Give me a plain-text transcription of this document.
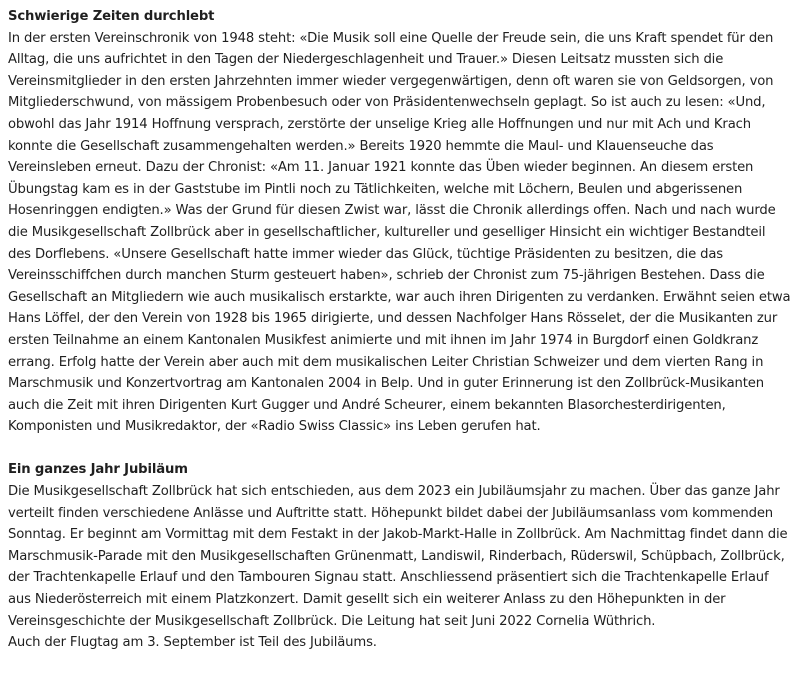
Schwierige Zeiten durchlebt

In der ersten Vereinschronik von 1948 steht: «Die Musik soll eine Quelle der Freude sein, die uns Kraft spendet für den Alltag, die uns aufrichtet in den Tagen der Niedergeschlagenheit und Trauer.» Diesen Leitsatz mussten sich die Vereinsmitglieder in den ersten Jahrzehnten immer wieder vergegenwärtigen, denn oft waren sie von Geldsorgen, von Mitgliederschwund, von mässigem Probenbesuch oder von Präsidentenwechseln geplagt. So ist auch zu lesen: «Und, obwohl das Jahr 1914 Hoffnung versprach, zerstörte der unselige Krieg alle Hoffnungen und nur mit Ach und Krach konnte die Gesellschaft zusammengehalten werden.» Bereits 1920 hemmte die Maul- und Klauenseuche das Vereinsleben erneut. Dazu der Chronist: «Am 11. Januar 1921 konnte das Üben wieder beginnen. An diesem ersten Übungstag kam es in der Gaststube im Pintli noch zu Tätlichkeiten, welche mit Löchern, Beulen und abgerissenen Hosenringgen endigten.» Was der Grund für diesen Zwist war, lässt die Chronik allerdings offen. Nach und nach wurde die Musikgesellschaft Zollbrück aber in gesellschaftlicher, kultureller und geselliger Hinsicht ein wichtiger Bestandteil des Dorflebens. «Unsere Gesellschaft hatte immer wieder das Glück, tüchtige Präsidenten zu besitzen, die das Vereinsschiffchen durch manchen Sturm gesteuert haben», schrieb der Chronist zum 75-jährigen Bestehen. Dass die Gesellschaft an Mitgliedern wie auch musikalisch erstarkte, war auch ihren Dirigenten zu verdanken. Erwähnt seien etwa Hans Löffel, der den Verein von 1928 bis 1965 dirigierte, und dessen Nachfolger Hans Rösselet, der die Musikanten zur ersten Teilnahme an einem Kantonalen Musikfest animierte und mit ihnen im Jahr 1974 in Burgdorf einen Goldkranz errang. Erfolg hatte der Verein aber auch mit dem musikalischen Leiter Christian Schweizer und dem vierten Rang in Marschmusik und Konzertvortrag am Kantonalen 2004 in Belp. Und in guter Erinnerung ist den Zollbrück-Musikanten auch die Zeit mit ihren Dirigenten Kurt Gugger und André Scheurer, einem bekannten Blasorchesterdirigenten, Komponisten und Musikredaktor, der «Radio Swiss Classic» ins Leben gerufen hat.

Ein ganzes Jahr Jubiläum

Die Musikgesellschaft Zollbrück hat sich entschieden, aus dem 2023 ein Jubiläumsjahr zu machen. Über das ganze Jahr verteilt finden verschiedene Anlässe und Auftritte statt. Höhepunkt bildet dabei der Jubiläumsanlass vom kommenden Sonntag. Er beginnt am Vormittag mit dem Festakt in der Jakob-Markt-Halle in Zollbrück. Am Nachmittag findet dann die Marschmusik-Parade mit den Musikgesellschaften Grünenmatt, Landiswil, Rinderbach, Rüderswil, Schüpbach, Zollbrück, der Trachtenkapelle Erlauf und den Tambouren Signau statt. Anschliessend präsentiert sich die Trachtenkapelle Erlauf aus Niederösterreich mit einem Platzkonzert. Damit gesellt sich ein weiterer Anlass zu den Höhepunkten in der Vereinsgeschichte der Musikgesellschaft Zollbrück. Die Leitung hat seit Juni 2022 Cornelia Wüthrich.

Auch der Flugtag am 3. September ist Teil des Jubiläums.
